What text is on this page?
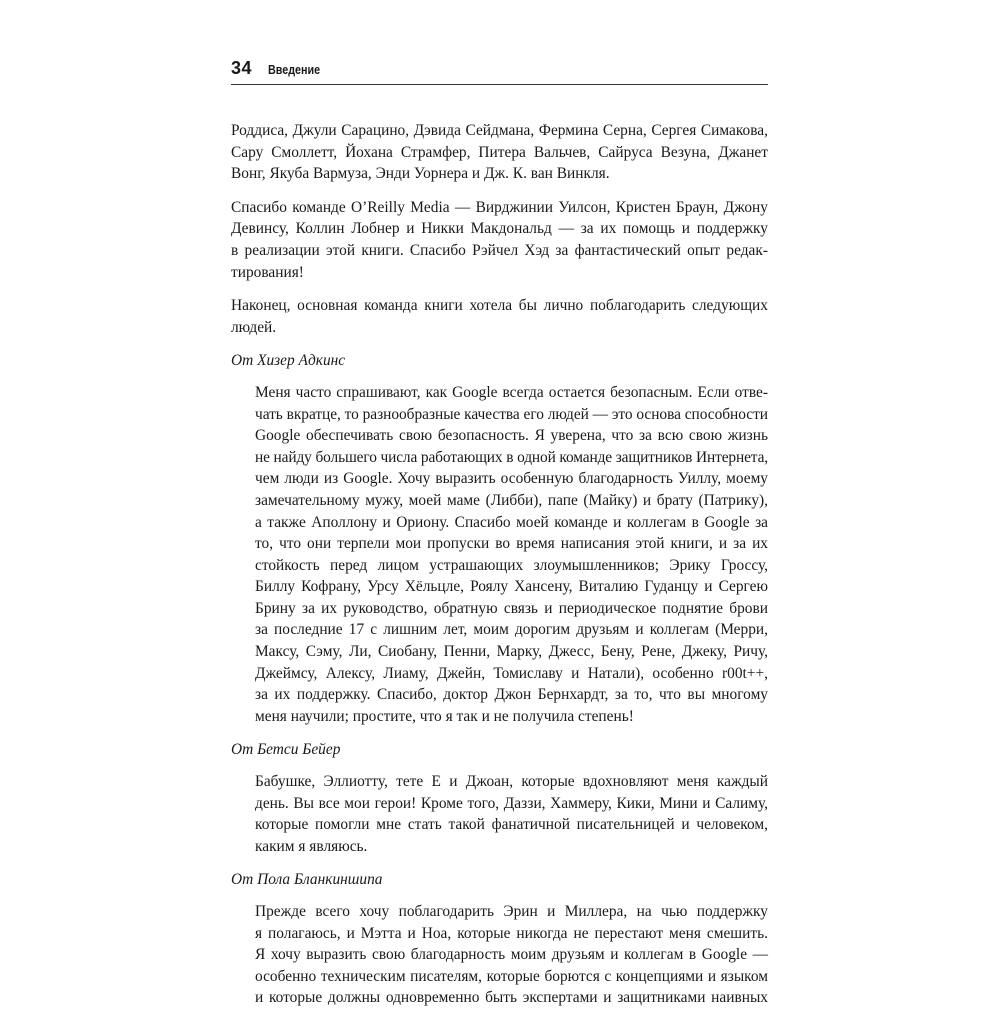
34 Введение

Роддиса, Джули Сарацино, Дэвида Сейдмана, Фермина Серна, Сергея Симакова,
Сару Смоллетт, Йохана Страмфер, Питера Вальчев, Сайруса Везуна, Джанет
Вонг, Якуба Вармуза, Энди Уорнера и Дж. К. ван Винкля.

Спасибо команде O’Reilly Media — Вирджинии Уилсон, Кристен Браун, Джону
Девинсу, Коллин Лобнер и Никки Макдональд — за их помощь и поддержку
в реализации этой книги. Спасибо Рэйчел Хэд за фантастический опыт редак-
тирования!

Наконец, основная команда книги хотела бы лично поблагодарить следующих
людей.

От Хизер Адкинс

Меня часто спрашивают, как Google всегда остается безопасным. Если отве-
чать вкратце, то разнообразные качества его людей — это основа способности
Google обеспечивать свою безопасность. Я уверена, что за всю свою жизнь
не найду большего числа работающих в одной команде защитников Интернета,
чем люди из Google. Хочу выразить особенную благодарность Уиллу, моему
замечательному мужу, моей маме (Либби), папе (Майку) и брату (Патрику),
а также Аполлону и Ориону. Спасибо моей команде и коллегам в Google за
то, что они терпели мои пропуски во время написания этой книги, и за их
стойкость перед лицом устрашающих злоумышленников; Эрику Гроссу,
Биллу Кофрану, Урсу Хёльцле, Роялу Хансену, Виталию Гуданцу и Сергею
Брину за их руководство, обратную связь и периодическое поднятие брови
за последние 17 с лишним лет, моим дорогим друзьям и коллегам (Мерри,
Максу, Сэму, Ли, Сиобану, Пенни, Марку, Джесс, Бену, Рене, Джеку, Ричу,
Джеймсу, Алексу, Лиаму, Джейн, Томиславу и Натали), особенно r00t++,
за их поддержку. Спасибо, доктор Джон Бернхардт, за то, что вы многому
меня научили; простите, что я так и не получила степень!

От Бетси Бейер

Бабушке, Эллиотту, тете Е и Джоан, которые вдохновляют меня каждый
день. Вы все мои герои! Кроме того, Даззи, Хаммеру, Кики, Мини и Салиму,
которые помогли мне стать такой фанатичной писательницей и человеком,
каким я являюсь.

От Пола Бланкиншипа

Прежде всего хочу поблагодарить Эрин и Миллера, на чью поддержку
я полагаюсь, и Мэтта и Ноа, которые никогда не перестают меня смешить.
Я хочу выразить свою благодарность моим друзьям и коллегам в Google —
особенно техническим писателям, которые борются с концепциями и языком
и которые должны одновременно быть экспертами и защитниками наивных
